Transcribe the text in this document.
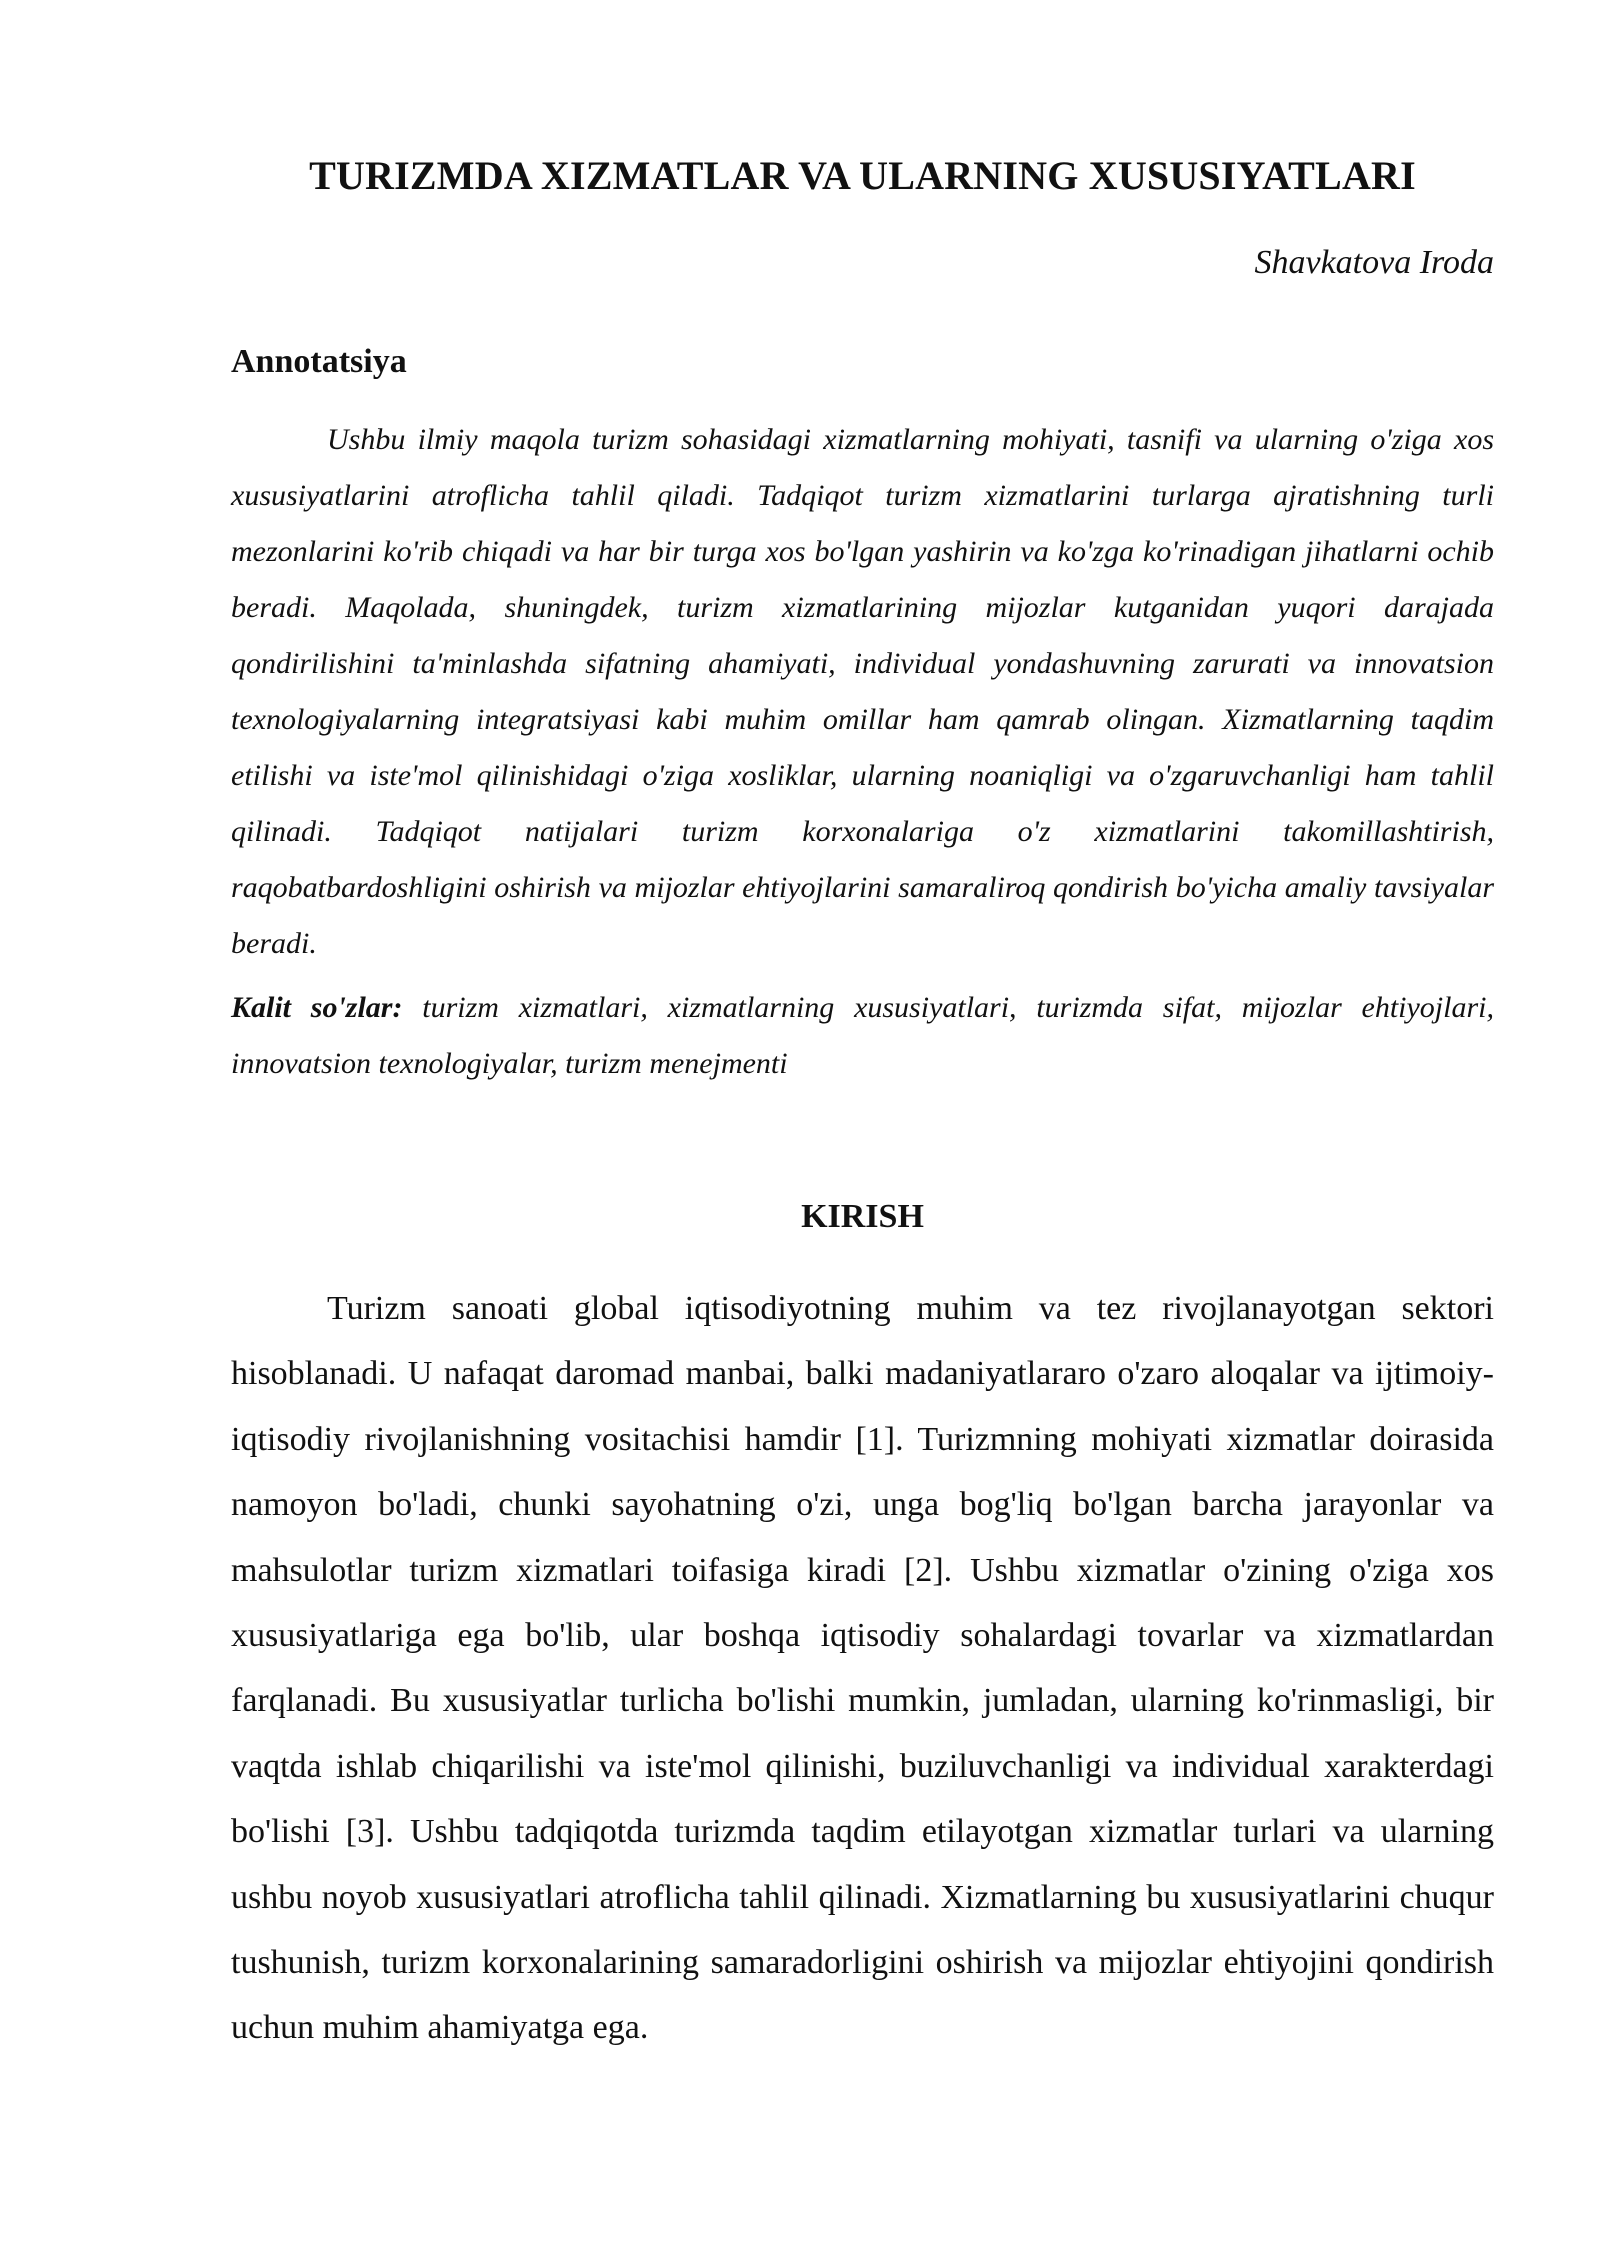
TURIZMDA XIZMATLAR VA ULARNING XUSUSIYATLARI

Shavkatova Iroda

Annotatsiya

Ushbu ilmiy maqola turizm sohasidagi xizmatlarning mohiyati, tasnifi va ularning o'ziga xos xususiyatlarini atroflicha tahlil qiladi. Tadqiqot turizm xizmatlarini turlarga ajratishning turli mezonlarini ko'rib chiqadi va har bir turga xos bo'lgan yashirin va ko'zga ko'rinadigan jihatlarni ochib beradi. Maqolada, shuningdek, turizm xizmatlarining mijozlar kutganidan yuqori darajada qondirilishini ta'minlashda sifatning ahamiyati, individual yondashuvning zarurati va innovatsion texnologiyalarning integratsiyasi kabi muhim omillar ham qamrab olingan. Xizmatlarning taqdim etilishi va iste'mol qilinishidagi o'ziga xosliklar, ularning noaniqligi va o'zgaruvchanligi ham tahlil qilinadi. Tadqiqot natijalari turizm korxonalariga o'z xizmatlarini takomillashtirish, raqobatbardoshligini oshirish va mijozlar ehtiyojlarini samaraliroq qondirish bo'yicha amaliy tavsiyalar beradi.

Kalit so'zlar: turizm xizmatlari, xizmatlarning xususiyatlari, turizmda sifat, mijozlar ehtiyojlari, innovatsion texnologiyalar, turizm menejmenti

KIRISH

Turizm sanoati global iqtisodiyotning muhim va tez rivojlanayotgan sektori hisoblanadi. U nafaqat daromad manbai, balki madaniyatlararo o'zaro aloqalar va ijtimoiy-iqtisodiy rivojlanishning vositachisi hamdir [1]. Turizmning mohiyati xizmatlar doirasida namoyon bo'ladi, chunki sayohatning o'zi, unga bog'liq bo'lgan barcha jarayonlar va mahsulotlar turizm xizmatlari toifasiga kiradi [2]. Ushbu xizmatlar o'zining o'ziga xos xususiyatlariga ega bo'lib, ular boshqa iqtisodiy sohalardagi tovarlar va xizmatlardan farqlanadi. Bu xususiyatlar turlicha bo'lishi mumkin, jumladan, ularning ko'rinmasligi, bir vaqtda ishlab chiqarilishi va iste'mol qilinishi, buziluvchanligi va individual xarakterdagi bo'lishi [3]. Ushbu tadqiqotda turizmda taqdim etilayotgan xizmatlar turlari va ularning ushbu noyob xususiyatlari atroflicha tahlil qilinadi. Xizmatlarning bu xususiyatlarini chuqur tushunish, turizm korxonalarining samaradorligini oshirish va mijozlar ehtiyojini qondirish uchun muhim ahamiyatga ega.
